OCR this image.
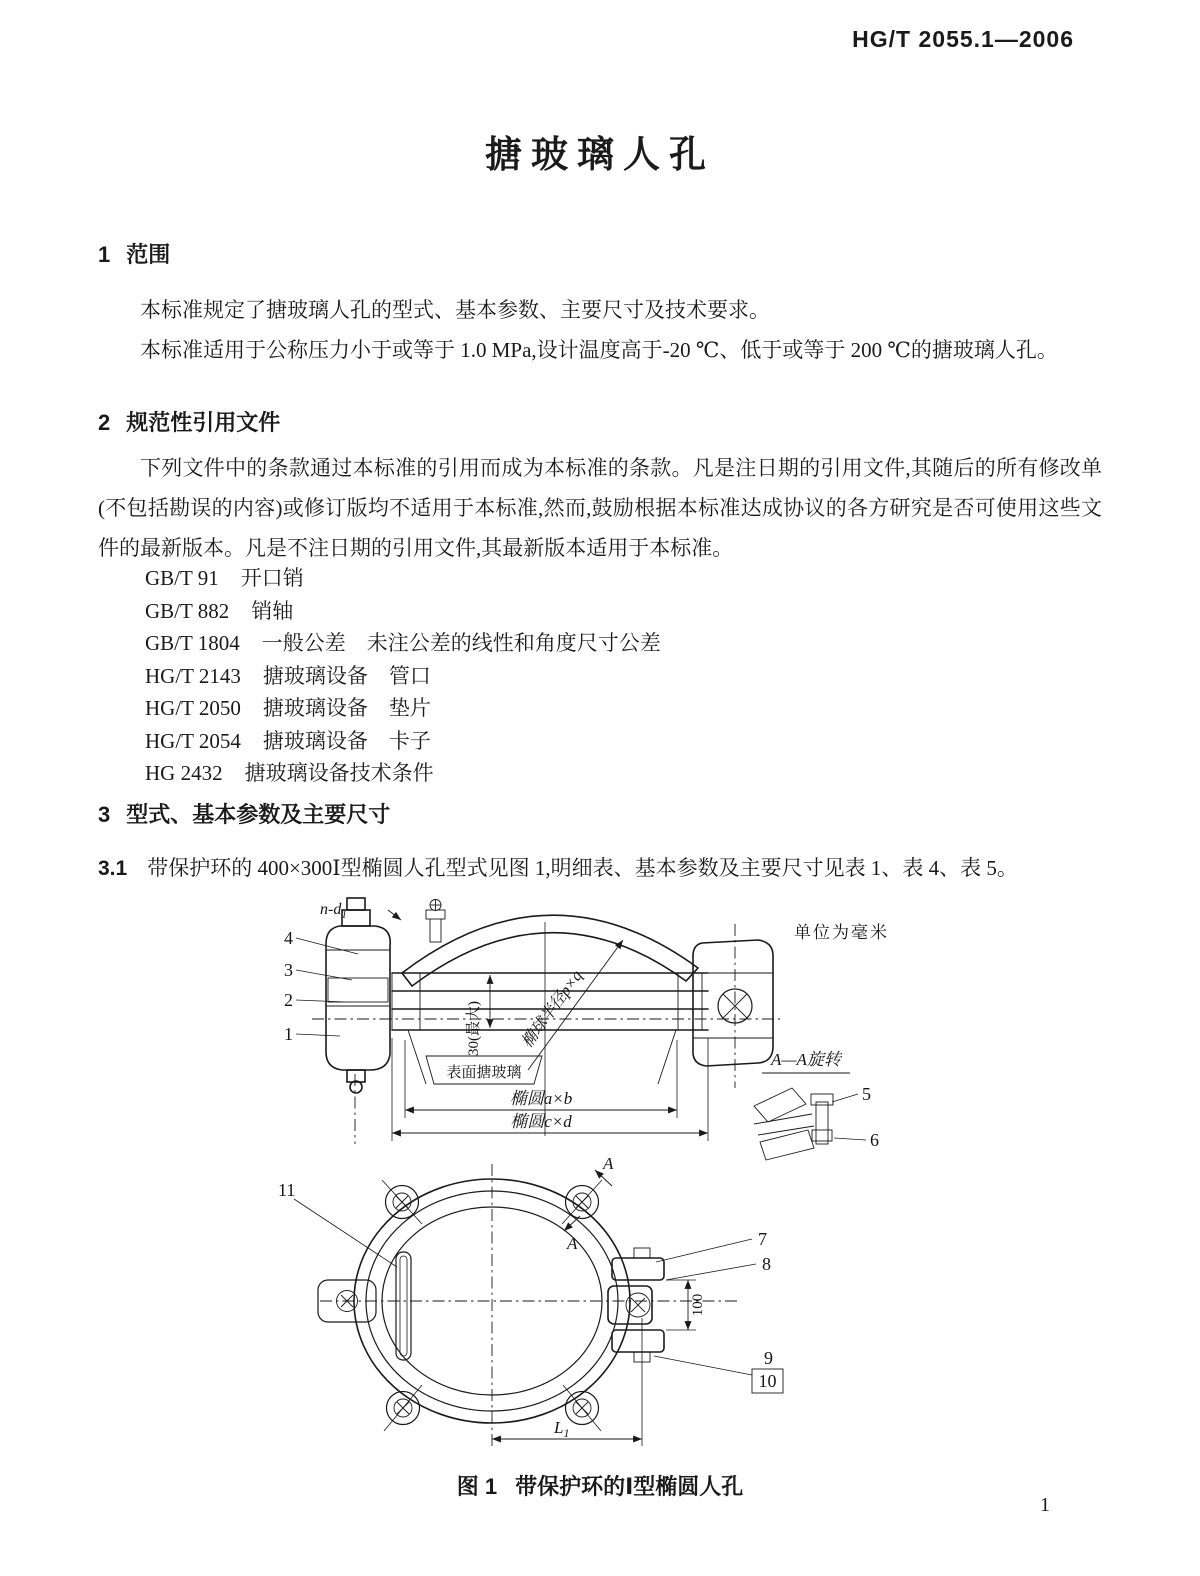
HG/T 2055.1—2006
搪玻璃人孔
1 范围

本标准规定了搪玻璃人孔的型式、基本参数、主要尺寸及技术要求。

本标准适用于公称压力小于或等于 1.0 MPa,设计温度高于-20 ℃、低于或等于 200 ℃的搪玻璃人孔。

2 规范性引用文件

下列文件中的条款通过本标准的引用而成为本标准的条款。凡是注日期的引用文件,其随后的所有修改单(不包括勘误的内容)或修订版均不适用于本标准,然而,鼓励根据本标准达成协议的各方研究是否可使用这些文件的最新版本。凡是不注日期的引用文件,其最新版本适用于本标准。

GB/T 91 开口销
GB/T 882 销轴
GB/T 1804 一般公差　未注公差的线性和角度尺寸公差
HG/T 2143 搪玻璃设备　管口
HG/T 2050 搪玻璃设备　垫片
HG/T 2054 搪玻璃设备　卡子
HG 2432 搪玻璃设备技术条件
3 型式、基本参数及主要尺寸

3.1 带保护环的 400×300Ⅰ型椭圆人孔型式见图 1,明细表、基本参数及主要尺寸见表 1、表 4、表 5。

表面搪玻璃
30(最大) 椭球半径p×q
椭圆a×b
椭圆c×d
$n-d_1$
4
3
2
1
单位为毫米
A—A旋转
5
6
A
A
100
7
8
9
10
11
$L_1$
图 1 带保护环的Ⅰ型椭圆人孔
1
